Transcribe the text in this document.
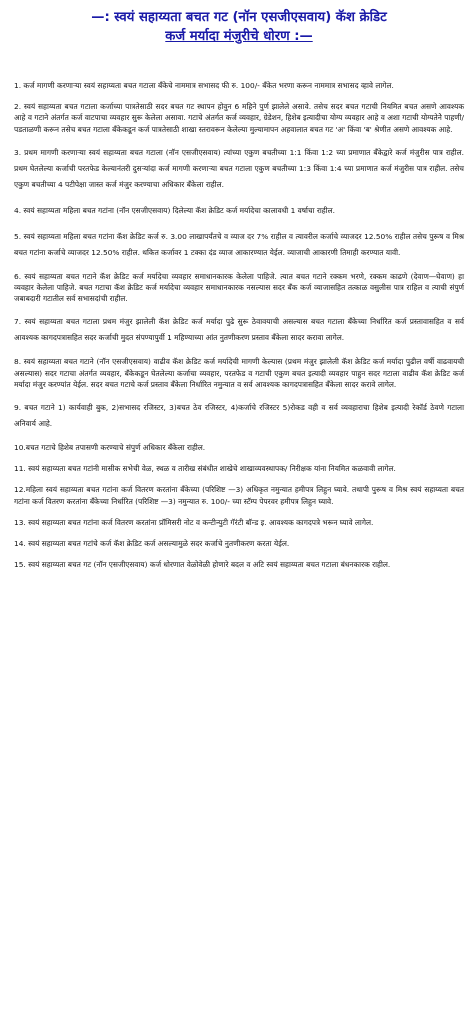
—: स्वयं सहाय्यता बचत गट (नॉन एसजीएसवाय) कॅश क्रेडिट
कर्ज मर्यादा मंजुरीचे धोरण :—

1. कर्ज मागणी करणाऱ्या स्वयं सहाय्यता बचत गटाला बँकेचे नाममात्र सभासद फी रु. 100/- बँकेत भरणा करून नाममात्र सभासद व्हावे लागेल.

2. स्वयं सहाय्यता बचत गटाला कर्जाच्या पात्रतेसाठी सदर बचत गट स्थापन होवुन 6 महिने पुर्ण झालेले असावे. तसेच सदर बचत गटाची नियमित बचत असणे आवश्यक आहे व गटाने अंतर्गत कर्ज वाटपाचा व्यवहार सुरू केलेला असावा. गटाचे अंतर्गत कर्ज व्यवहार, ग्रेडेशन, हिशेब इत्यादीचा योग्य व्यवहार आहे व अशा गटाची योग्यतेनेे पाहणी/पडताळणी करून तसेच बचत गटाला बँकेकडून कर्ज पात्रतेसाठी शाखा स्तरावरून केलेल्या मुल्यामापन अहवालात बचत गट 'अ' किंवा 'ब' श्रेणीत असणे आवश्यक आहे.

3. प्रथम मागणी करणाऱ्या स्वयं सहाय्यता बचत गटाला (नॉन एसजीएसवाय) त्यांच्या एकुण बचतीच्या 1:1 किंवा 1:2 च्या प्रमाणात बँकेद्वारे कर्ज मंजुरीस पात्र राहील. प्रथम घेतलेल्या कर्जाची परतफेड केल्यानंतरी दुसऱ्यांदा कर्ज मागणी करणाऱ्या बचत गटाला एकुण बचतीच्या 1:3 किंवा 1:4 च्या प्रमाणात कर्ज मंजुरीस पात्र राहील. तसेच एकुण बचतीच्या 4 पटीपेक्षा जास्त कर्ज मंजुर करण्याचा अधिकार बँकेला राहील.

4. स्वयं सहाय्यता महिला बचत गटांना (नॉन एसजीएसवाय) दिलेल्या कॅश क्रेडिट कर्ज मर्यादेचा कालावधी 1 वर्षाचा राहील.

5. स्वयं सहाय्यता महिला बचत गटांना कॅश क्रेडिट कर्ज रु. 3.00 लाखापर्यंतचे व व्याज दर 7% राहील व त्यावरील कर्जाचे व्याजदर 12.50% राहील तसेच पुरूष व मिश्र बचत गटांना कर्जाचे व्याजदर 12.50% राहील. थकित कर्जावर 1 टक्का दंड व्याज आकारण्यात येईल. व्याजाची आकारणी तिमाही करण्यात यावी.

6. स्वयं सहाय्यता बचत गटाने कॅश क्रेडिट कर्ज मर्यादेचा व्यवहार समाधानकारक केलेला पाहिजे. त्यात बचत गटाने रक्कम भरणे, रक्कम काढणे (देवाण—घेवाण) हा व्यवहार केलेला पाहिजे. बचत गटाचा कॅश क्रेडिट कर्ज मर्यादेचा व्यवहार समाधानकारक नसल्यास सदर बँक कर्ज व्याजासहित तत्काळ वसुलीस पात्र राहिल व त्याची संपुर्ण जबाबदारी गटातील सर्व सभासदांची राहील.

7. स्वयं सहाय्यता बचत गटाला प्रथम मंजुर झालेली कॅश क्रेडिट कर्ज मर्यादा पुढे सुरू ठेवावयाची असल्यास बचत गटाला बँकेच्या निर्धारित कर्ज प्रस्तावासहित व सर्व आवश्यक कागदपत्रासहित सदर कर्जाची मुदत संपण्यापुर्वी 1 महिण्याच्या आंत नुतणीकरण प्रस्ताव बँकेला सादर करावा लागेल.

8. स्वयं सहाय्यता बचत गटाने (नॉन एसजीएसवाय) वाढीव कॅश क्रेडिट कर्ज मर्यादेची मागणी केल्यास (प्रथम मंजुर झालेली कॅश क्रेडिट कर्ज मर्यादा पुढील वर्षी वाढवायची असल्यास) सदर गटाचा अंतर्गत व्यवहार, बँकेकडून घेतलेल्या कर्जाचा व्यवहार, परतफेड व गटाची एकुण बचत इत्यादी व्यवहार पाहुन सदर गटाला वाढीव कॅश क्रेडिट कर्ज मर्यादा मंजुर करण्यांत येईल. सदर बचत गटाचे कर्ज प्रस्ताव बँकेला निर्धारित नमुन्यात व सर्व आवश्यक कागदपत्रासहित बँकेला सादर करावे लागेल.

9. बचत गटाने 1) कार्यवाही बुक, 2)सभासद रजिस्टर, 3)बचत ठेव रजिस्टर, 4)कर्जाचे रजिस्टर 5)रोकड वही व सर्व व्यवहाराचा हिशेब इत्यादी रेकॉर्ड ठेवणे गटाला अनिवार्य आहे.

10.बचत गटाचे हिशेब तपासणी करण्याचे संपुर्ण अधिकार बँकेला राहील.

11. स्वयं सहाय्यता बचत गटांनी मासीक सभेची वेळ, स्थळ व तारीख संबंधीत शाखेचे शाखाव्यवस्थापक/ निरीक्षक यांना नियमित कळवावी लागेल.

12.महिला स्वयं सहाय्यता बचत गटांना कर्ज वितरण करतांना बँकेच्या (परिशिष्ट —3) अधिकृत नमुन्यात हमीपत्र लिहुन घ्यावे. तथापी पुरूष व मिश्र स्वयं सहाय्यता बचत गटांना कर्ज वितरण करतांना बँकेच्या निर्धारित (परिशिष्ट —3) नमुन्यात रु. 100/- च्या स्टॅम्प पेपरवर हमीपत्र लिहुन घ्यावे.

13. स्वयं सहाय्यता बचत गटांना कर्ज वितरण करतांना प्रॉमिसरी नोट व कन्टीन्युटी गॅरंटी बॉन्ड इ. आवश्यक कागदपत्रे भरून घ्यावे लागेल.

14. स्वयं सहाय्यता बचत गटांचे कर्ज कॅश क्रेडिट कर्ज असल्यामुळे सदर कर्जाचे नुतणीकरण करता येईल.

15. स्वयं सहाय्यता बचत गट (नॉन एसजीएसवाय) कर्ज धोरणात वेळोवेळी होणारे बदल व अटि स्वयं सहाय्यता बचत गटाला बंधनकारक राहील.
